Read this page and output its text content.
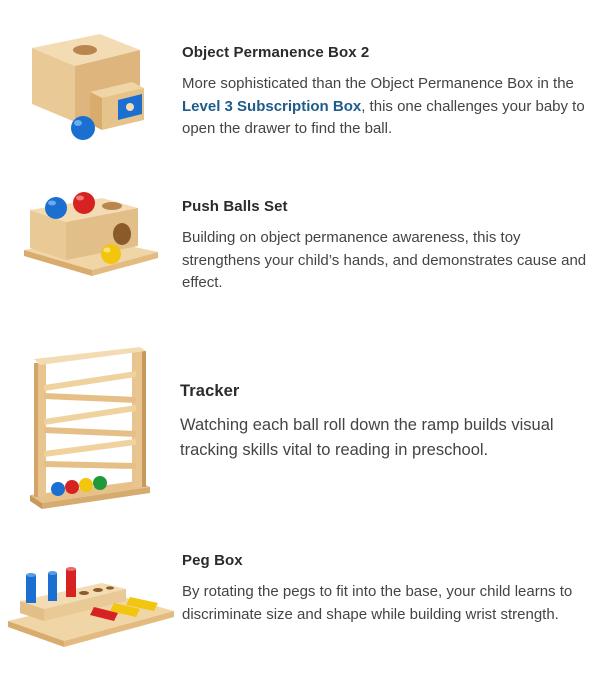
Object Permanence Box 2

More sophisticated than the Object Permanence Box in the Level 3 Subscription Box, this one challenges your baby to open the drawer to find the ball.

Push Balls Set

Building on object permanence awareness, this toy strengthens your child’s hands, and demonstrates cause and effect.

Tracker

Watching each ball roll down the ramp builds visual tracking skills vital to reading in preschool.

Peg Box

By rotating the pegs to fit into the base, your child learns to discriminate size and shape while building wrist strength.
